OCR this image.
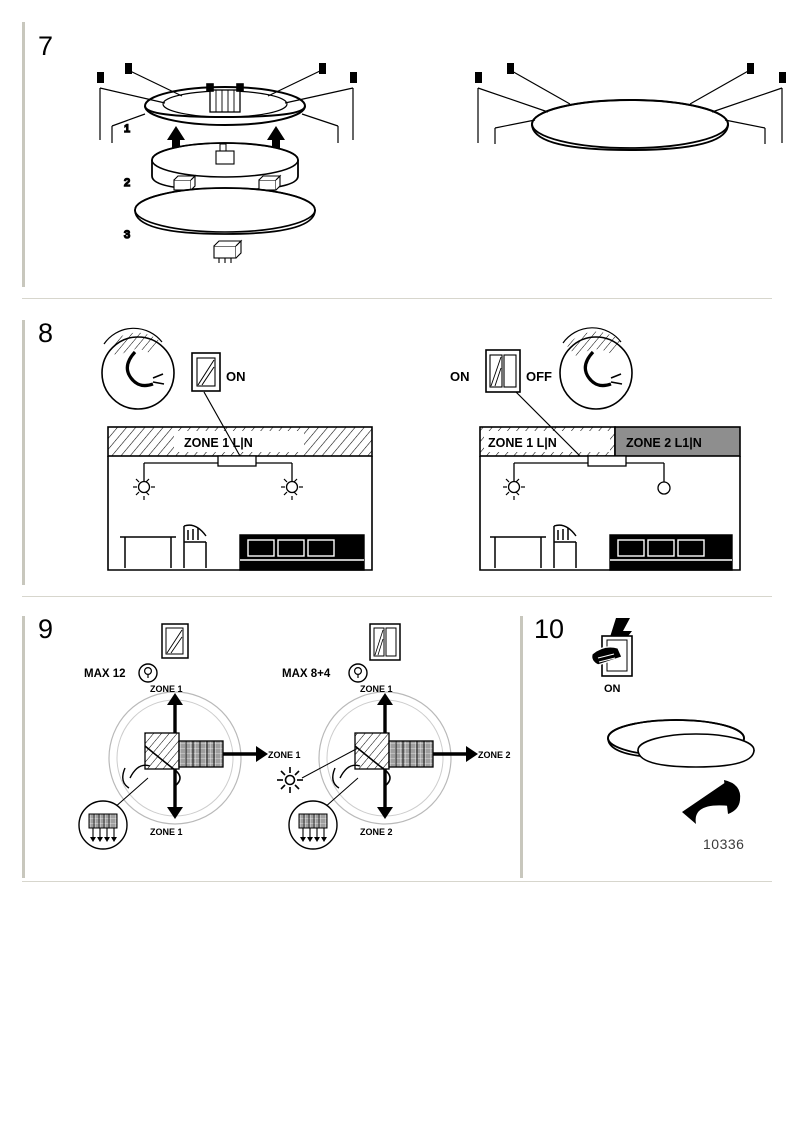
7
1
2
3
8
ON
ZONE 1 L|N
ON	OFF
ZONE 1 L|N	ZONE 2 L1|N
9
MAX 12
ZONE 1
ZONE 1
ZONE 1
MAX 8+4
ZONE 1
ZONE 2
ZONE 2
10
ON
10336
